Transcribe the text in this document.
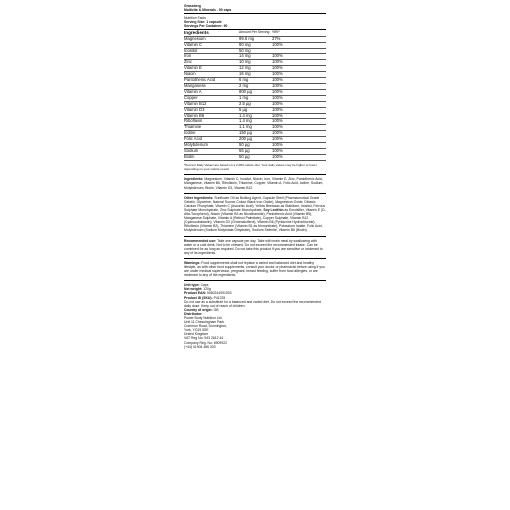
Grassberg
Multivits & Minerals - 90 caps
Nutrition Facts
Serving Size: 1 capsule
Servings Per Container: 90
Ingredients	Amount Per Serving	%RI*
Magnesium	99.6 mg	27%
Vitamin C	80 mg	100%
Inositol	50 mg	
Iron	14 mg	100%
Zinc	10 mg	100%
Vitamin E	12 mg	100%
Niacin	16 mg	100%
Pantothenic Acid	6 mg	100%
Manganese	2 mg	100%
Vitamin A	800 µg	100%
Copper	1 mg	100%
Vitamin B12	2.5 µg	100%
Vitamin D3	5 µg	100%
Vitamin B6	1.4 mg	100%
Riboflavin	1.4 mg	100%
Thiamine	1.1 mg	100%
Iodine	150 µg	100%
Folic Acid	200 µg	100%
Molybdenum	50 µg	100%
Sodium	55 µg	100%
Biotin	50 µg	100%
*Percent Daily Values are based on a 2,000 calorie diet. Your daily values may be higher or lower depending on your calorie needs.
Ingredients: Magnesium, Vitamin C, Inositol, Niacin, Iron, Vitamin E, Zinc, Pantothenic Acid, Manganese, Vitamin B6, Riboflavin, Thiamine, Copper, Vitamin A, Folic Acid, Iodine, Sodium, Molybdenum, Biotin, Vitamin D3, Vitamin B12
Other Ingredients: Sunflower Oil as Bulking Agent, Capsule Shell (Pharmaceutical Grade Gelatin, Glycerine, Natural Source Colour Black Iron Oxide), Magnesium Oxide, Dibasic Calcium Phosphate, Vitamin C (Ascorbic Acid), Yellow Beeswax as Stabilizer, Inositol, Ferrous Sulphate Monohydrate, Zinc Sulphate Monohydrate, Soy Lecithin as Emulsifier, Vitamin E (D-Alfa-Tocopherol), Niacin (Vitamin B3 as Nicotinamide), Pantothenic Acid (Vitamin B5), Manganese Sulphate, Vitamin A (Retinol Palmitate), Copper Sulphate, Vitamin B12 (Cyanocobalamin), Vitamin D3 (Cholecalciferol), Vitamin B6 (Pyridoxine Hydrochloride), Riboflavin (Vitamin B2), Thiamine (Vitamin B1 as Mononitrate), Potassium Iodate, Folic Acid, Molybdenum (Sodium Molybdate Dihydrate), Sodium Selenite, Vitamin B6 (Biotin).
Recommended use: Take one capsule per day. Take with main meal by swallowing with water or a cold drink. Not to be chewed. Do not exceed the recommended intake. Can be combined for as long as required. Do not take this product if you are sensitive or intolerant to any of its ingredients.
Warnings: Food supplements shall not replace a varied and balanced diet and healthy lifestyle, as with other food supplements, consult your doctor or pharmacist before using if you are under medical supervision, pregnant, breast feeding, suffer from food allergies, or are intolerant to any of the ingredients.
Unit type: Caps
Net weight: 120g
Product EAN: 5060244091003
Product ID (SKU): P41225
Do not use as a substitute for a balanced and varied diet. Do not exceed the recommended daily dose. Keep out of reach of children.
Country of origin: GB
Distributor:
Power Body Nutrition Ltd.
Unit 11 Chessingham Park
Common Road, Dunnington,
York, YO19 5SE
United Kingdom
VAT Reg No: 943 2612 44
Company Reg. No: 6909922
(+44) 01904 486 330
